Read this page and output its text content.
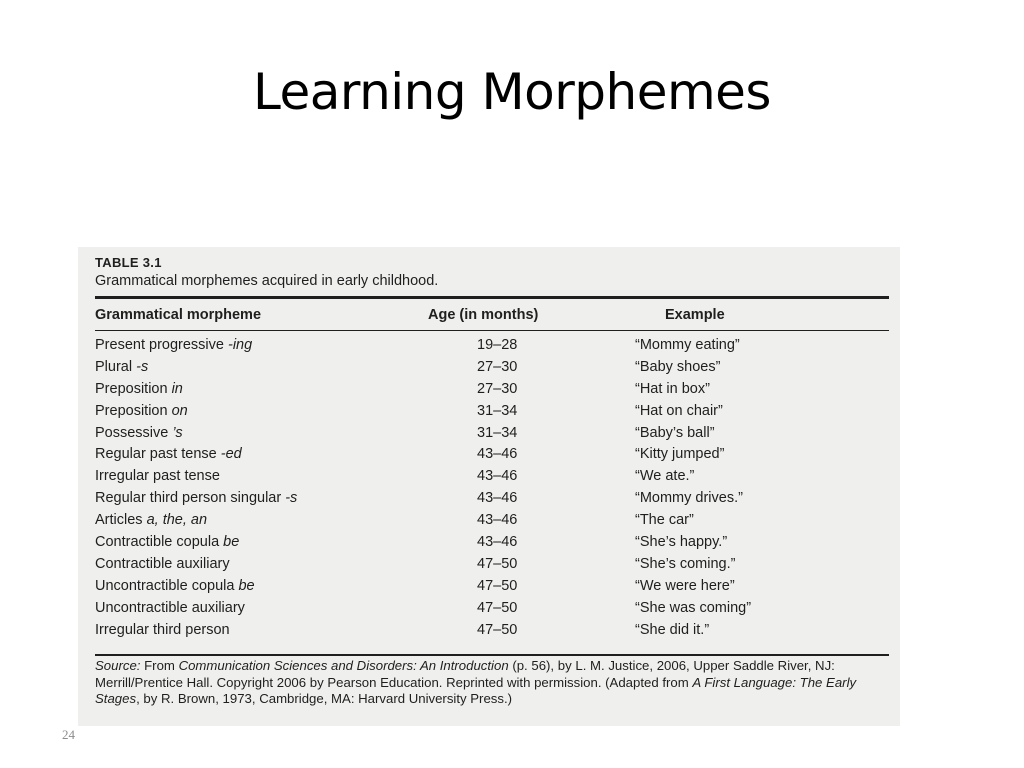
Learning Morphemes
TABLE 3.1
Grammatical morphemes acquired in early childhood.
Grammatical morpheme	Age (in months)	Example
Present progressive -ing	19–28	“Mommy eating”
Plural -s	27–30	“Baby shoes”
Preposition in	27–30	“Hat in box”
Preposition on	31–34	“Hat on chair”
Possessive ’s	31–34	“Baby’s ball”
Regular past tense -ed	43–46	“Kitty jumped”
Irregular past tense	43–46	“We ate.”
Regular third person singular -s	43–46	“Mommy drives.”
Articles a, the, an	43–46	“The car”
Contractible copula be	43–46	“She’s happy.”
Contractible auxiliary	47–50	“She’s coming.”
Uncontractible copula be	47–50	“We were here”
Uncontractible auxiliary	47–50	“She was coming”
Irregular third person	47–50	“She did it.”
Source: From Communication Sciences and Disorders: An Introduction (p. 56), by L. M. Justice, 2006, Upper Saddle River, NJ: Merrill/Prentice Hall. Copyright 2006 by Pearson Education. Reprinted with permission. (Adapted from A First Language: The Early Stages, by R. Brown, 1973, Cambridge, MA: Harvard University Press.)
24
